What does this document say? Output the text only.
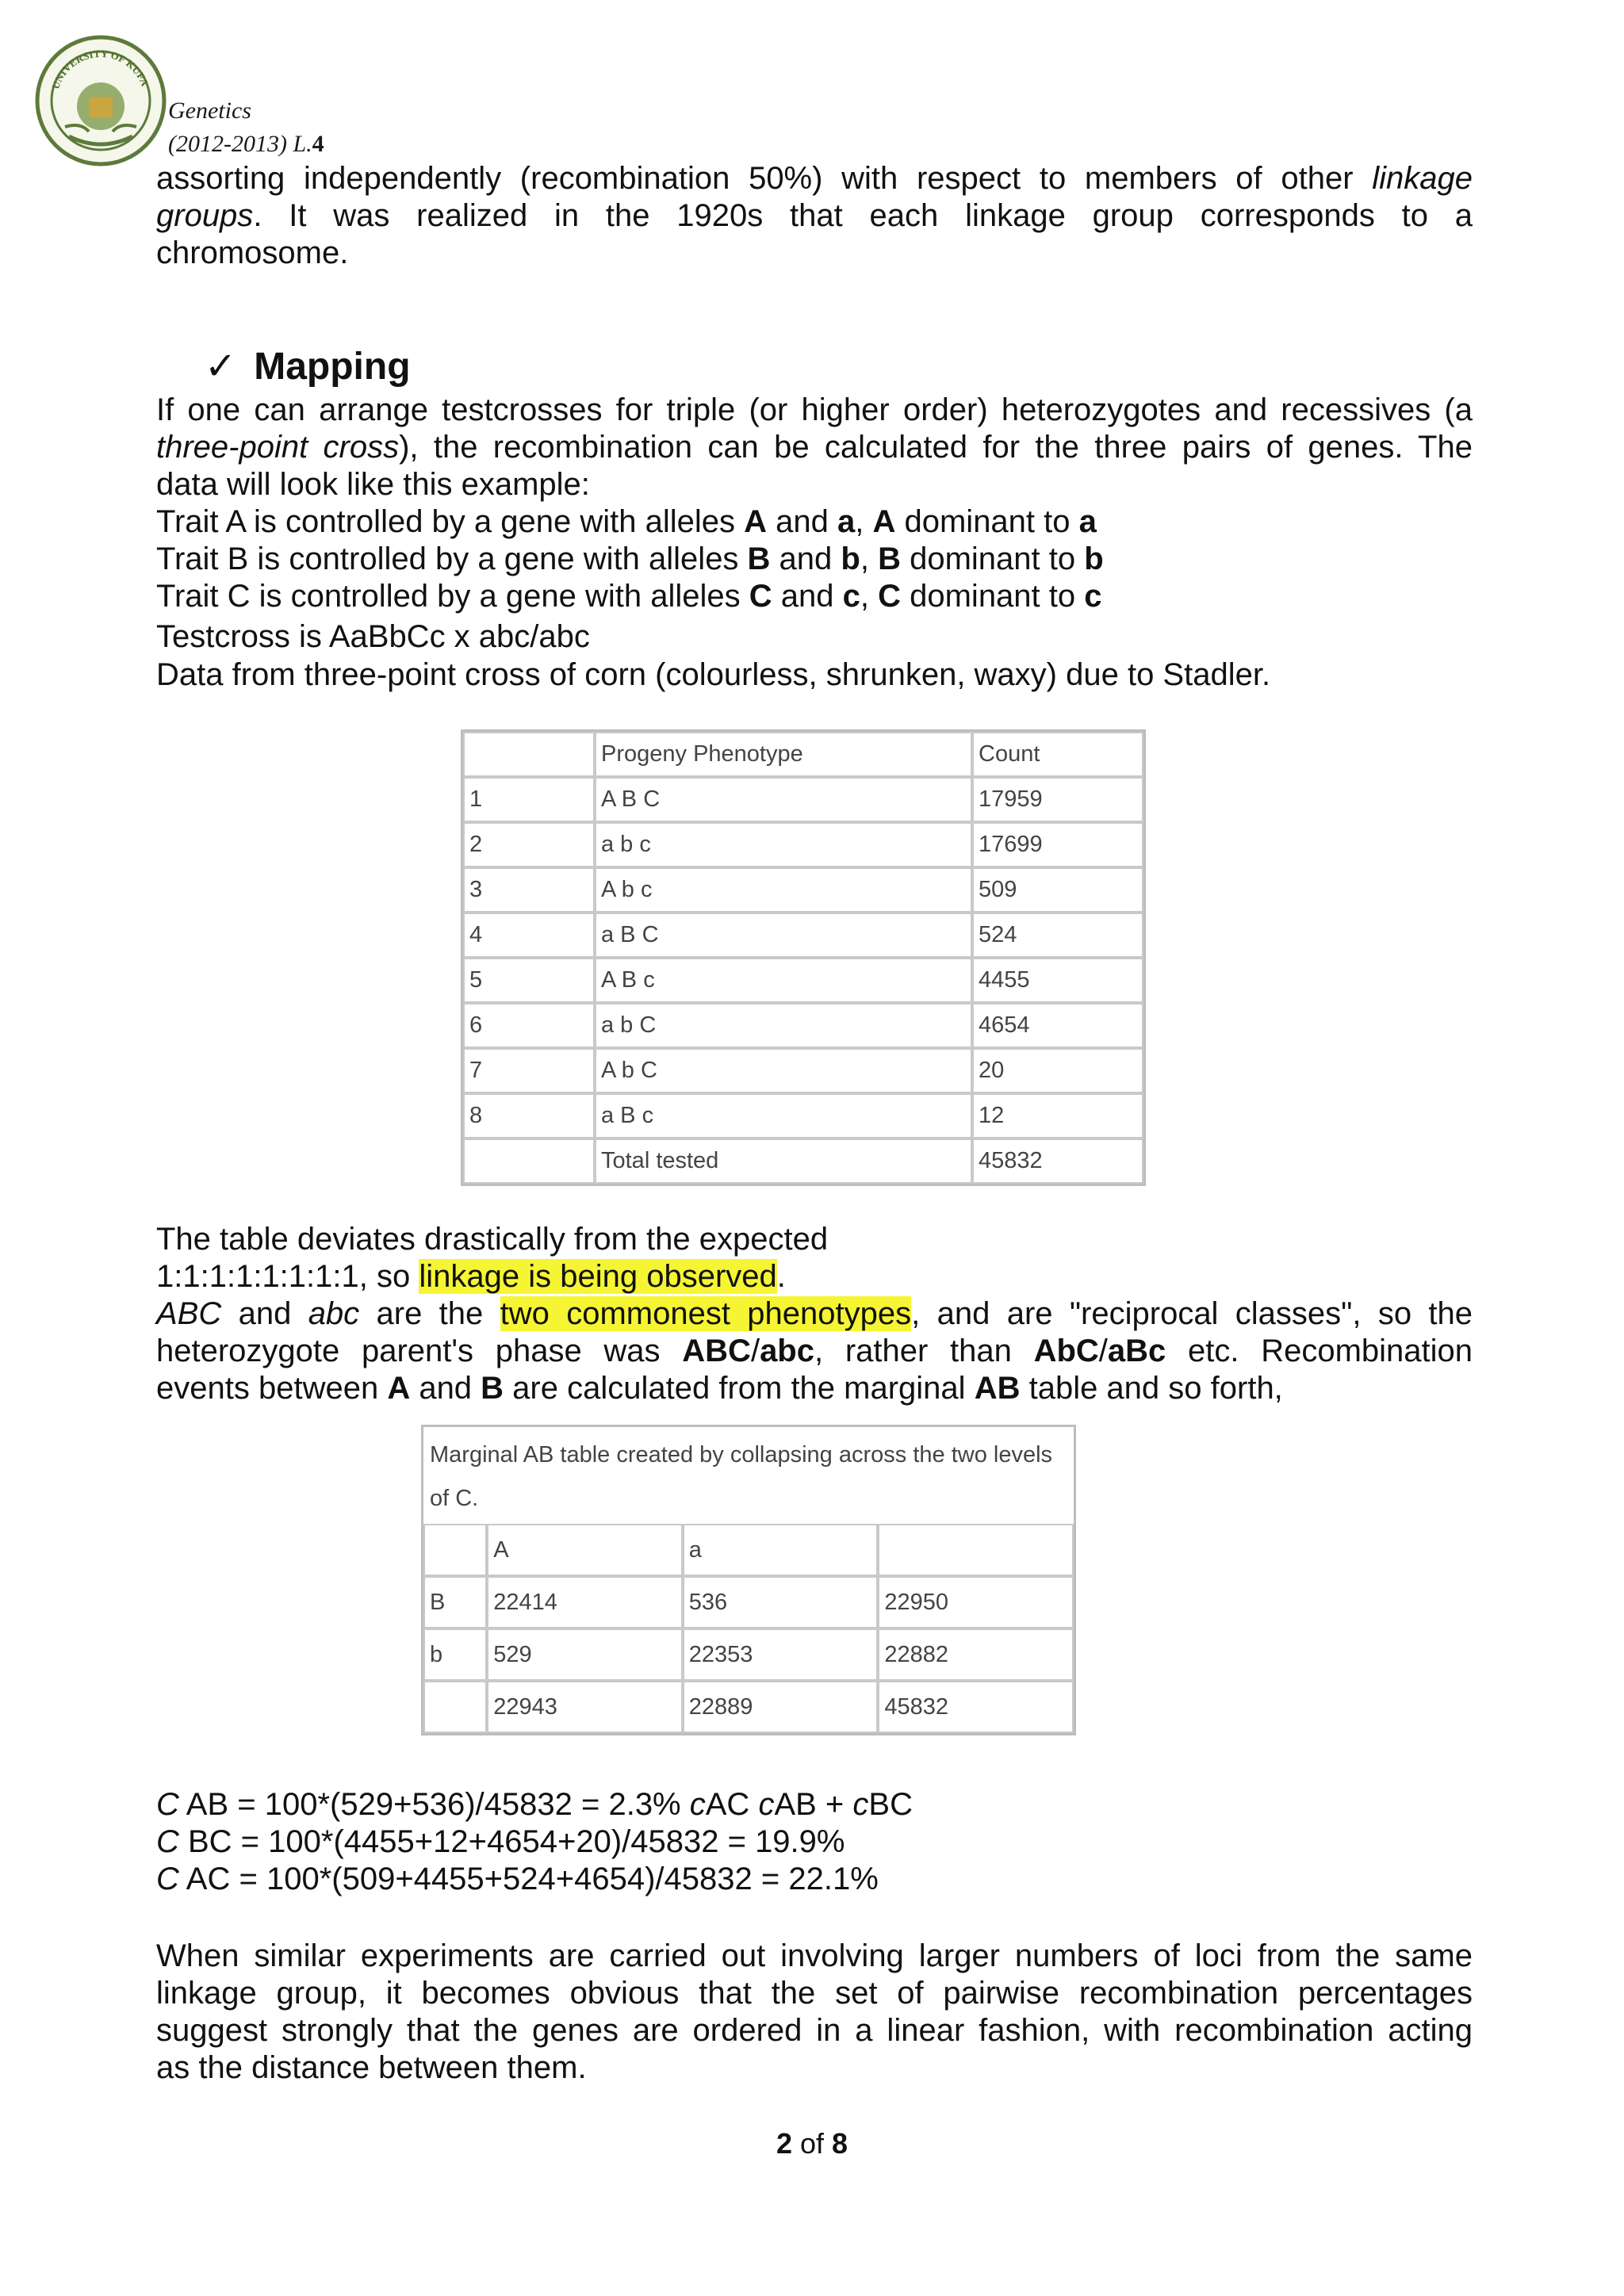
UNIVERSITY OF KUFA
Genetics
(2012-2013) L.4

assorting independently (recombination 50%) with respect to members of other linkage

groups. It was realized in the 1920s that each linkage group corresponds to a

chromosome.

✓ Mapping

If one can arrange testcrosses for triple (or higher order) heterozygotes and recessives (a

three-point cross), the recombination can be calculated for the three pairs of genes. The

data will look like this example:

Trait A is controlled by a gene with alleles A and a, A dominant to a

Trait B is controlled by a gene with alleles B and b, B dominant to b

Trait C is controlled by a gene with alleles C and c, C dominant to c

Testcross is AaBbCc x abc/abc

Data from three-point cross of corn (colourless, shrunken, waxy) due to Stadler.

	Progeny Phenotype	Count
1	A B C	17959
2	a b c	17699
3	A b c	509
4	a B C	524
5	A B c	4455
6	a b C	4654
7	A b C	20
8	a B c	12
	Total tested	45832

The table deviates drastically from the expected

1:1:1:1:1:1:1:1, so linkage is being observed.

ABC and abc are the two commonest phenotypes, and are "reciprocal classes", so the

heterozygote parent's phase was ABC/abc, rather than AbC/aBc etc. Recombination

events between A and B are calculated from the marginal AB table and so forth,

Marginal AB table created by collapsing across the two levels of C.
	A	a	
B	22414	536	22950
b	529	22353	22882
	22943	22889	45832

C AB = 100*(529+536)/45832 = 2.3% cAC cAB + cBC

C BC = 100*(4455+12+4654+20)/45832 = 19.9%

C AC = 100*(509+4455+524+4654)/45832 = 22.1%

When similar experiments are carried out involving larger numbers of loci from the same

linkage group, it becomes obvious that the set of pairwise recombination percentages

suggest strongly that the genes are ordered in a linear fashion, with recombination acting

as the distance between them.

2 of 8
